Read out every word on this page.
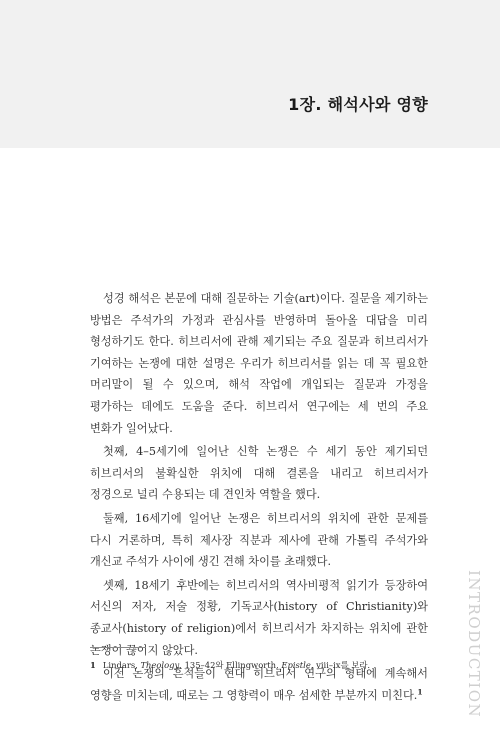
1장. 해석사와 영향

성경 해석은 본문에 대해 질문하는 기술(art)이다. 질문을 제기하는 방법은 주석가의 가정과 관심사를 반영하며 돌아올 대답을 미리 형성하기도 한다. 히브리서에 관해 제기되는 주요 질문과 히브리서가 기여하는 논쟁에 대한 설명은 우리가 히브리서를 읽는 데 꼭 필요한 머리말이 될 수 있으며, 해석 작업에 개입되는 질문과 가정을 평가하는 데에도 도움을 준다. 히브리서 연구에는 세 번의 주요 변화가 일어났다.

첫째, 4–5세기에 일어난 신학 논쟁은 수 세기 동안 제기되던 히브리서의 불확실한 위치에 대해 결론을 내리고 히브리서가 정경으로 널리 수용되는 데 견인차 역할을 했다.

둘째, 16세기에 일어난 논쟁은 히브리서의 위치에 관한 문제를 다시 거론하며, 특히 제사장 직분과 제사에 관해 가톨릭 주석가와 개신교 주석가 사이에 생긴 견해 차이를 초래했다.

셋째, 18세기 후반에는 히브리서의 역사비평적 읽기가 등장하여 서신의 저자, 저술 정황, 기독교사(history of Christianity)와 종교사(history of religion)에서 히브리서가 차지하는 위치에 관한 논쟁이 끊이지 않았다.

이전 논쟁의 흔적들이 현대 히브리서 연구의 형태에 계속해서 영향을 미치는데, 때로는 그 영향력이 매우 섬세한 부분까지 미친다.$^1$

1 Lindars, Theology, 135–42와 Ellingworth, Epistle, viii–ix를 보라.	INTRODUCTION
